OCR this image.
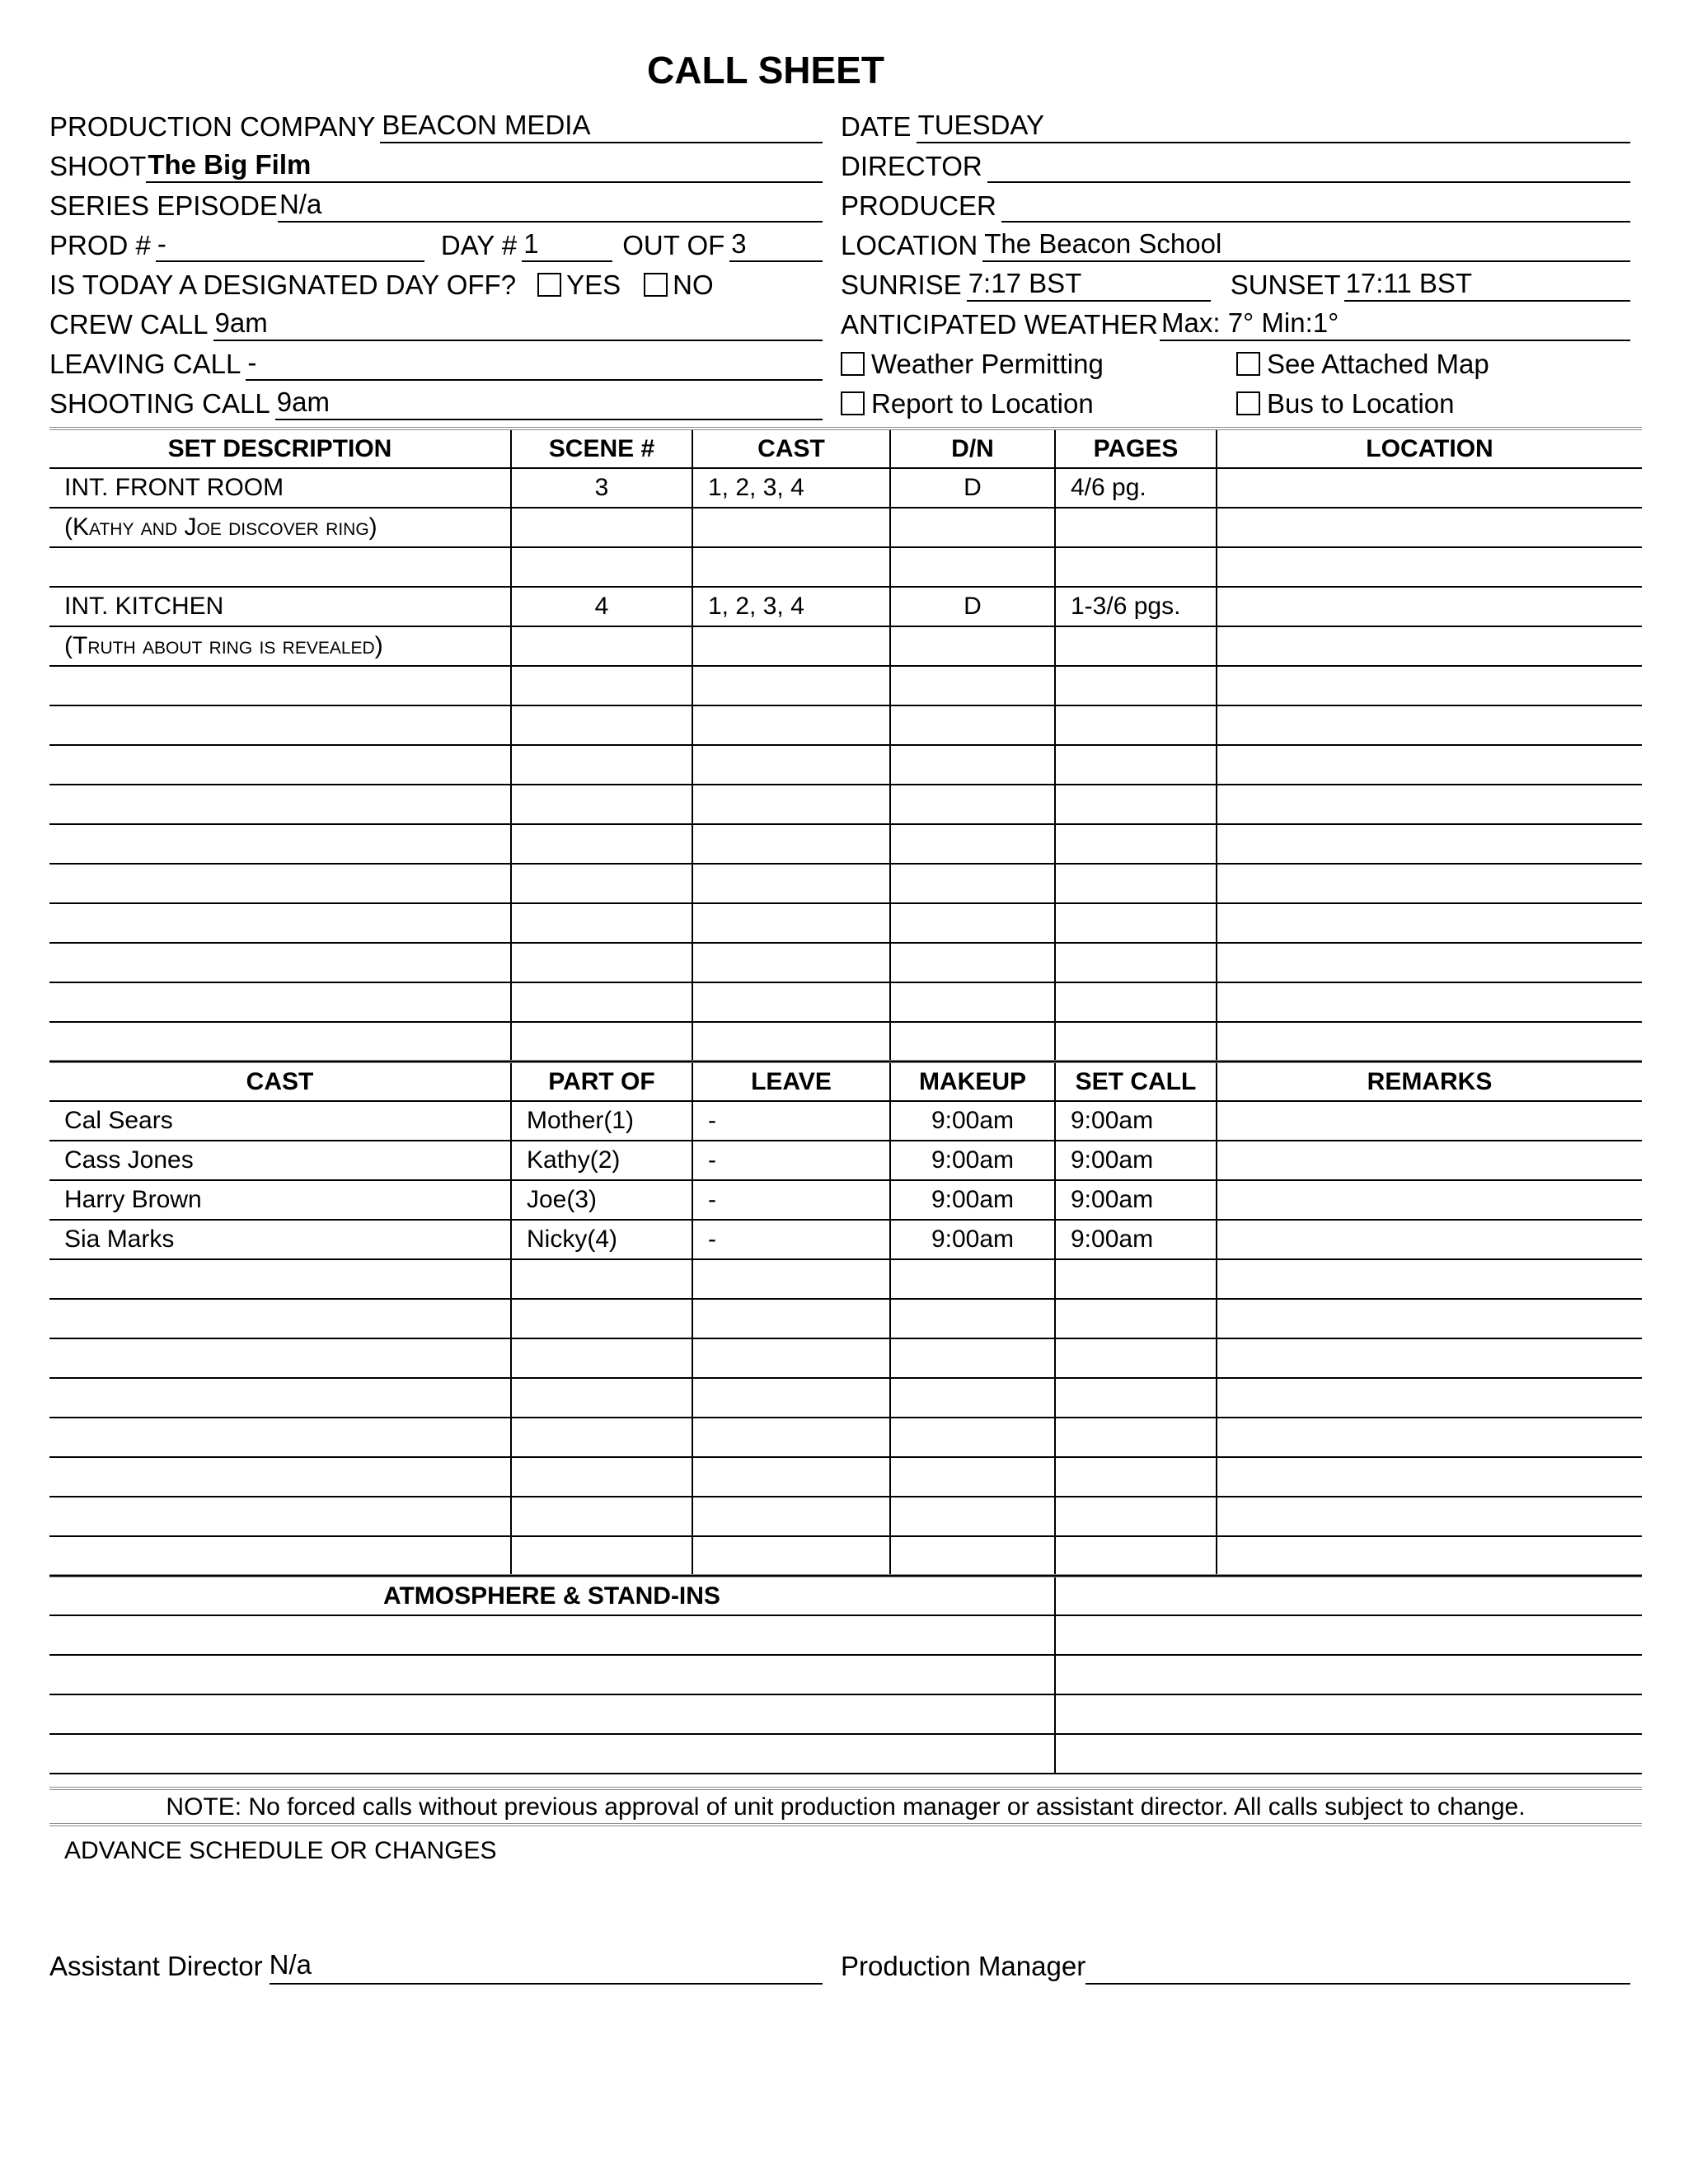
CALL SHEET
PRODUCTION COMPANY BEACON MEDIA
SHOOT The Big Film
SERIES EPISODE N/a
PROD # -	DAY # 1	OUT OF 3
IS TODAY A DESIGNATED DAY OFF? YES NO
CREW CALL 9am
LEAVING CALL -
SHOOTING CALL 9am
DATE TUESDAY
DIRECTOR
PRODUCER
LOCATION The Beacon School
SUNRISE 7:17 BST	SUNSET 17:11 BST
ANTICIPATED WEATHER Max: 7° Min:1°
Weather Permitting	See Attached Map
Report to Location	Bus to Location
SET DESCRIPTION	SCENE #	CAST	D/N	PAGES	LOCATION
INT. FRONT ROOM	3	1, 2, 3, 4	D	4/6 pg.	
(Kathy and Joe discover ring)					

INT. KITCHEN	4	1, 2, 3, 4	D	1-3/6 pgs.	
(Truth about ring is revealed)					

CAST	PART OF	LEAVE	MAKEUP	SET CALL	REMARKS
Cal Sears	Mother(1)	-	9:00am	9:00am	
Cass Jones	Kathy(2)	-	9:00am	9:00am	
Harry Brown	Joe(3)	-	9:00am	9:00am	
Sia Marks	Nicky(4)	-	9:00am	9:00am	

ATMOSPHERE & STAND-INS	

NOTE: No forced calls without previous approval of unit production manager or assistant director. All calls subject to change.
ADVANCE SCHEDULE OR CHANGES
Assistant Director N/a	Production Manager
